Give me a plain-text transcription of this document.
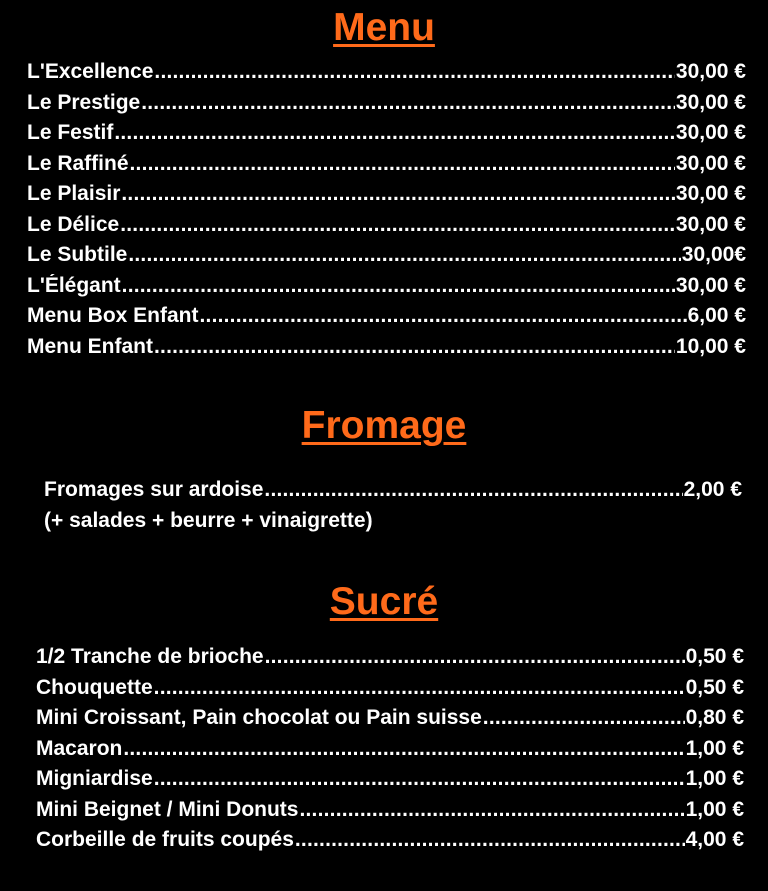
Menu
L'Excellence .....	30,00 €
Le Prestige .....	30,00 €
Le Festif .....	30,00 €
Le Raffiné .....	30,00 €
Le Plaisir .....	30,00 €
Le Délice .....	30,00 €
Le Subtile .....	30,00€
L'Élégant .....	30,00 €
Menu Box Enfant .....	6,00 €
Menu Enfant .....	10,00 €
Fromage
Fromages sur ardoise .....	2,00 €
(+ salades + beurre + vinaigrette)
Sucré
1/2 Tranche de brioche .....	0,50 €
Chouquette .....	0,50 €
Mini Croissant, Pain chocolat ou Pain suisse .....	0,80 €
Macaron .....	1,00 €
Migniardise .....	1,00 €
Mini Beignet / Mini Donuts .....	1,00 €
Corbeille de fruits coupés .....	4,00 €
